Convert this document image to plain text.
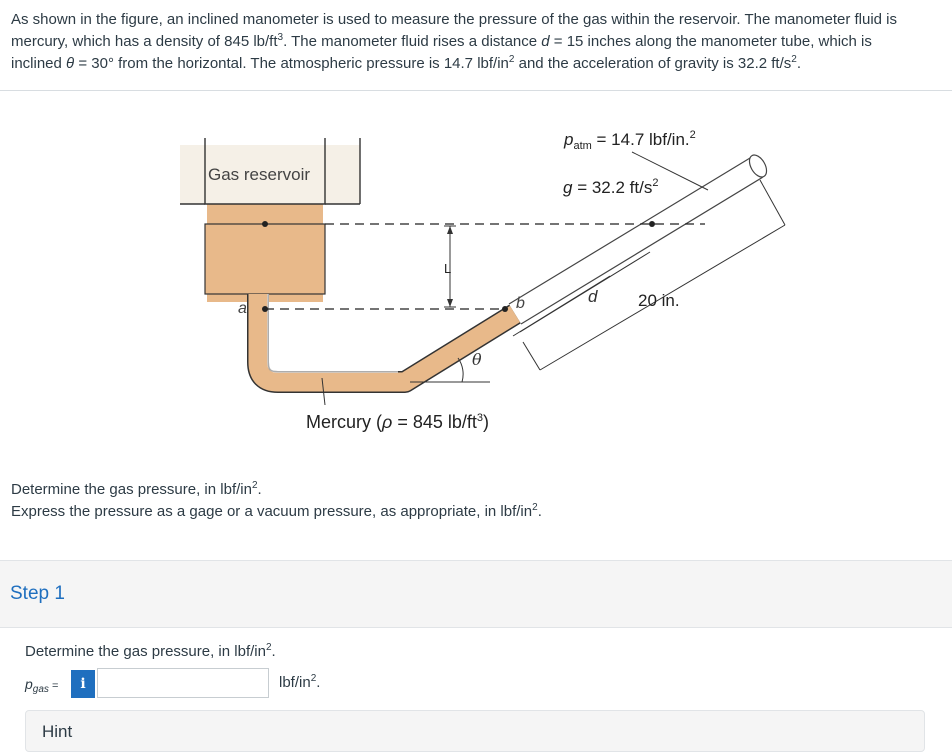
As shown in the figure, an inclined manometer is used to measure the pressure of the gas within the reservoir. The manometer fluid is

mercury, which has a density of 845 $lb/ft^3$. The manometer fluid rises a distance d = 15 inches along the manometer tube, which is

inclined θ = 30° from the horizontal. The atmospheric pressure is 14.7 lbf/$in^2$ and the acceleration of gravity is 32.2 $ft/s^2$.

Gas reservoir
L
a	b	d 20 in.
θ
$p_{atm} = 14.7$ lbf/in.$^2$
g = 32.2 $ft/s^2$
Mercury (ρ = 845 $lb/ft^3$)

Determine the gas pressure, in lbf/$in^2$.

Express the pressure as a gage or a vacuum pressure, as appropriate, in lbf/$in^2$.

Step 1
Determine the gas pressure, in lbf/$in^2$.
$p_{gas}$ =	i	lbf/$in^2$.
Hint
